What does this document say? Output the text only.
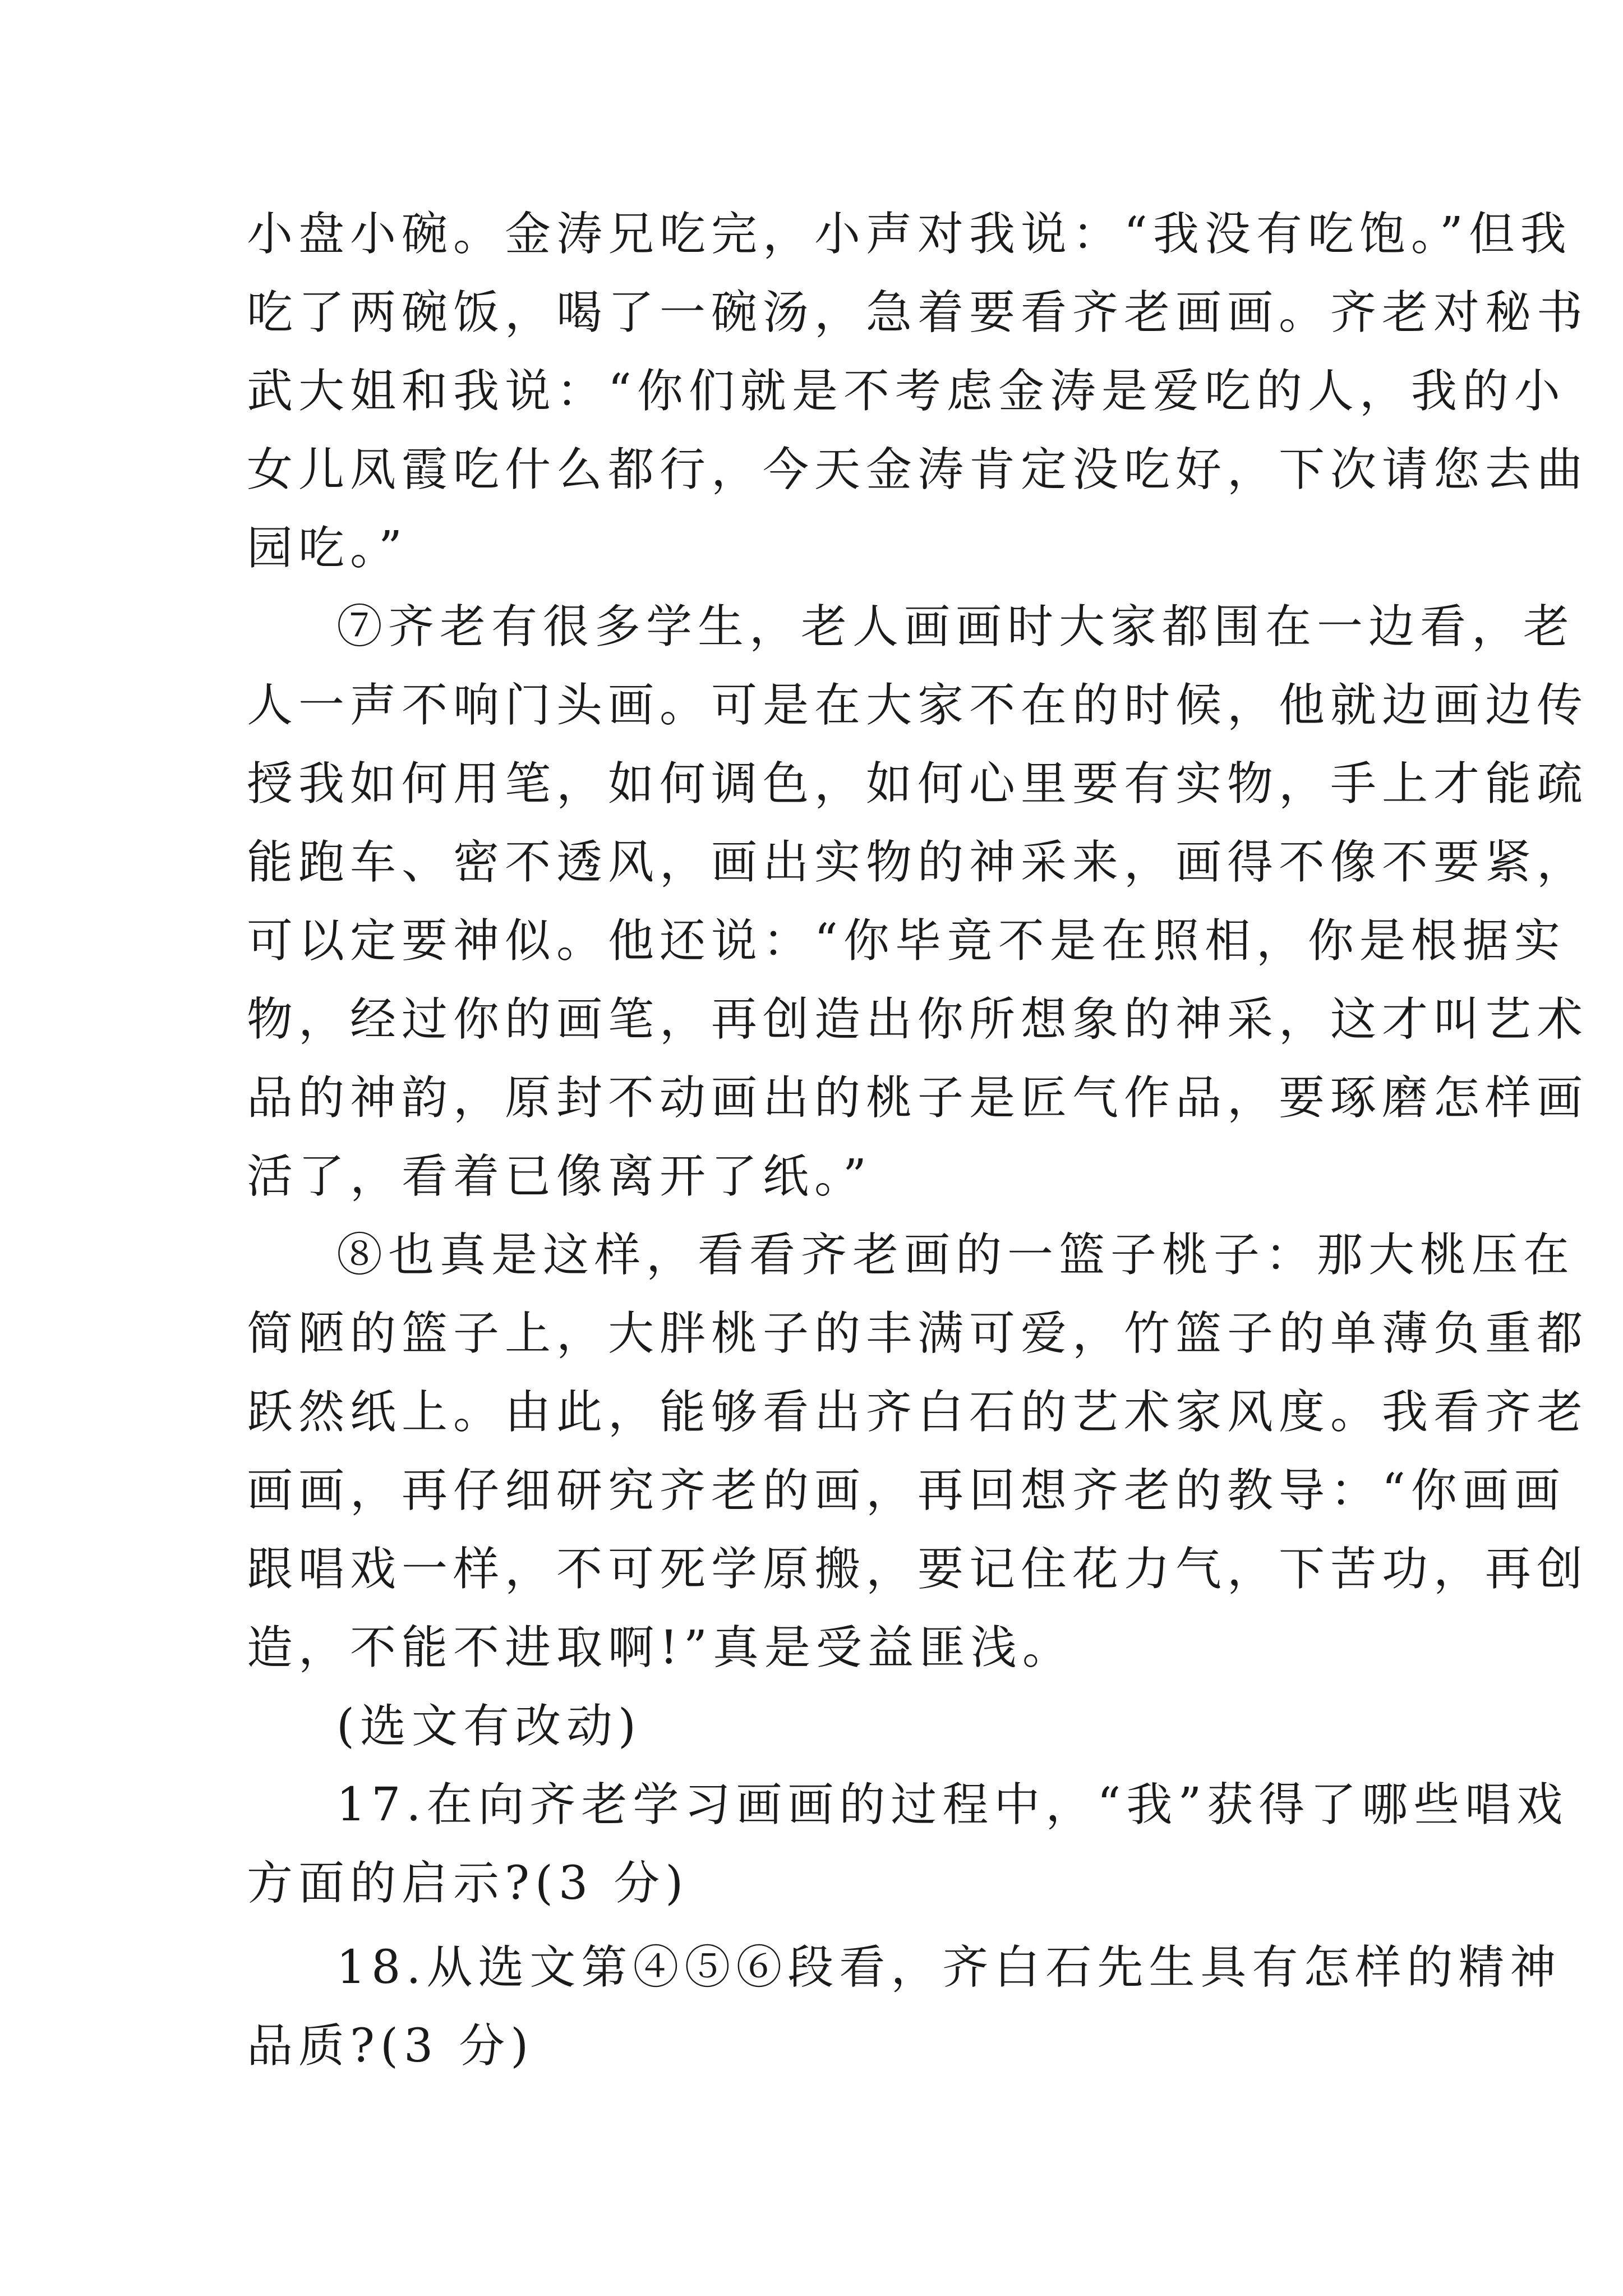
小盘小碗。金涛兄吃完，小声对我说：“我没有吃饱。”但我

吃了两碗饭，喝了一碗汤，急着要看齐老画画。齐老对秘书

武大姐和我说：“你们就是不考虑金涛是爱吃的人，我的小

女儿凤霞吃什么都行，今天金涛肯定没吃好，下次请您去曲

园吃。”

⑦齐老有很多学生，老人画画时大家都围在一边看，老

人一声不响门头画。可是在大家不在的时候，他就边画边传

授我如何用笔，如何调色，如何心里要有实物，手上才能疏

能跑车、密不透风，画出实物的神采来，画得不像不要紧，

可以定要神似。他还说：“你毕竟不是在照相，你是根据实

物，经过你的画笔，再创造出你所想象的神采，这才叫艺术

品的神韵，原封不动画出的桃子是匠气作品，要琢磨怎样画

活了，看着已像离开了纸。”

⑧也真是这样，看看齐老画的一篮子桃子：那大桃压在

简陋的篮子上，大胖桃子的丰满可爱，竹篮子的单薄负重都

跃然纸上。由此，能够看出齐白石的艺术家风度。我看齐老

画画，再仔细研究齐老的画，再回想齐老的教导：“你画画

跟唱戏一样，不可死学原搬，要记住花力气，下苦功，再创

造，不能不进取啊!”真是受益匪浅。

(选文有改动)

17.在向齐老学习画画的过程中，“我”获得了哪些唱戏

方面的启示?(3 分)

18.从选文第④⑤⑥段看，齐白石先生具有怎样的精神

品质?(3 分)
